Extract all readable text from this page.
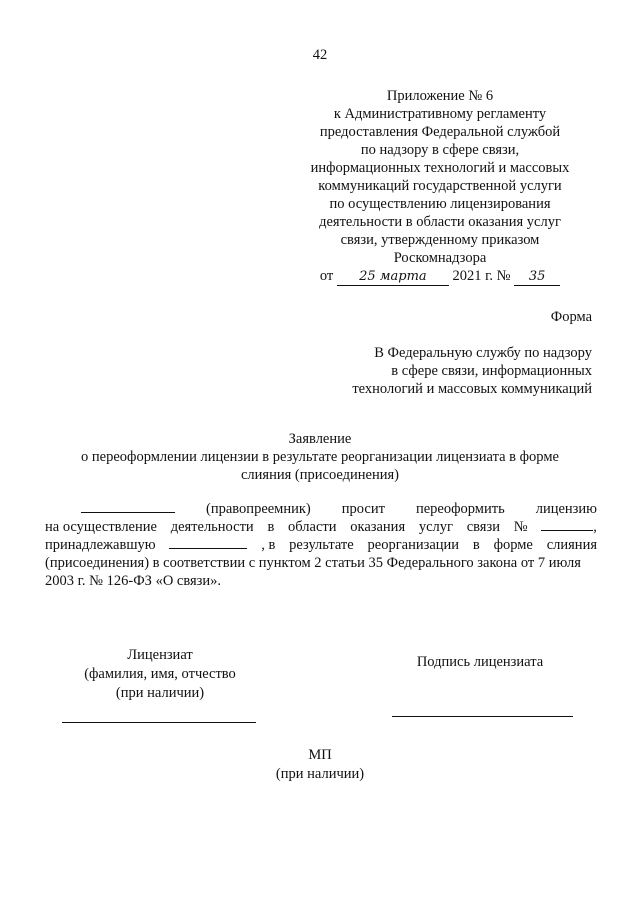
42
Приложение № 6
к Административному регламенту
предоставления Федеральной службой
по надзору в сфере связи,
информационных технологий и массовых
коммуникаций государственной услуги
по осуществлению лицензирования
деятельности в области оказания услуг
связи, утвержденному приказом
Роскомнадзора
от 25 марта 2021 г. № 35
Форма
В Федеральную службу по надзору
в сфере связи, информационных
технологий и массовых коммуникаций
Заявление
о переоформлении лицензии в результате реорганизации лицензиата в форме
слияния (присоединения)
(правопреемник) просит переоформить лицензию
на осуществление деятельности в области оказания услуг связи №	,
принадлежавшую	, в результате реорганизации в форме слияния
(присоединения) в соответствии с пунктом 2 статьи 35 Федерального закона от 7 июля
2003 г. № 126-ФЗ «О связи».
Лицензиат
(фамилия, имя, отчество
(при наличии)
Подпись лицензиата
МП
(при наличии)
